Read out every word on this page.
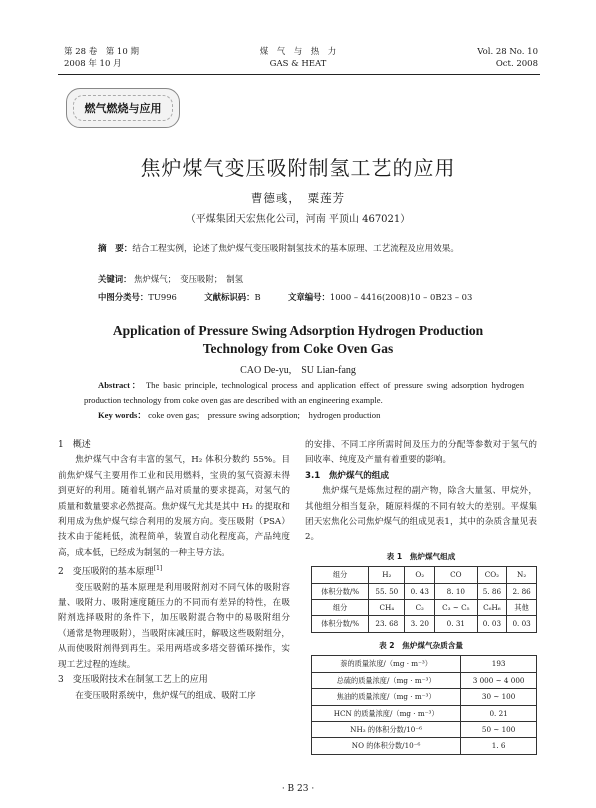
第 28 卷　第 10 期
2008 年 10 月
煤　气　与　热　力
GAS & HEAT
Vol. 28 No. 10
Oct. 2008
燃气燃烧与应用
焦炉煤气变压吸附制氢工艺的应用
曹德彧，　粟莲芳
（平煤集团天宏焦化公司，河南 平顶山 467021）
摘　要：结合工程实例，论述了焦炉煤气变压吸附制氢技术的基本原理、工艺流程及应用效果。
关键词： 焦炉煤气；　变压吸附；　制氢
中图分类号：TU996	文献标识码：B	文章编号：1000 – 4416(2008)10 – 0B23 – 03
Application of Pressure Swing Adsorption Hydrogen Production
Technology from Coke Oven Gas
CAO De-yu,　SU Lian-fang
Abstract： The basic principle, technological process and application effect of pressure swing adsorption hydrogen production technology from coke oven gas are described with an engineering example.
Key words： coke oven gas;　pressure swing adsorption;　hydrogen production
1　概述

焦炉煤气中含有丰富的氢气，H₂ 体积分数约 55%。目前焦炉煤气主要用作工业和民用燃料，宝贵的氢气资源未得到更好的利用。随着轧钢产品对质量的要求提高，对氢气的质量和数量要求必然提高。焦炉煤气尤其是其中 H₂ 的提取和利用成为焦炉煤气综合利用的发展方向。变压吸附（PSA）技术由于能耗低，流程简单，装置自动化程度高，产品纯度高，成本低，已经成为制氢的一种主导方法。

2　变压吸附的基本原理[1]

变压吸附的基本原理是利用吸附剂对不同气体的吸附容量、吸附力、吸附速度随压力的不同而有差异的特性，在吸附剂选择吸附的条件下，加压吸附混合物中的易吸附组分（通常是物理吸附），当吸附床减压时，解吸这些吸附组分，从而使吸附剂得到再生。采用两塔或多塔交替循环操作，实现工艺过程的连续。

3　变压吸附技术在制氢工艺上的应用

在变压吸附系统中，焦炉煤气的组成、吸附工序

的安排、不同工序所需时间及压力的分配等参数对于氢气的回收率、纯度及产量有着重要的影响。

3.1　焦炉煤气的组成

焦炉煤气是炼焦过程的副产物，除含大量氢、甲烷外，其他组分相当复杂，随原料煤的不同有较大的差别。平煤集团天宏焦化公司焦炉煤气的组成见表1，其中的杂质含量见表 2。

表 1　焦炉煤气组成
组分	H₂	O₂	CO	CO₂	N₂
体积分数/%	55. 50	0. 43	8. 10	5. 86	2. 86
组分	CH₄	C₂	C₃ ~ C₅	C₆H₆	其他
体积分数/%	23. 68	3. 20	0. 31	0. 03	0. 03
表 2　焦炉煤气杂质含量
萘的质量浓度/（mg · m⁻³）	193
总硫的质量浓度/（mg · m⁻³）	3 000 ~ 4 000
焦油的质量浓度/（mg · m⁻³）	30 ~ 100
HCN 的质量浓度/（mg · m⁻³）	0. 21
NH₃ 的体积分数/10⁻⁶	50 ~ 100
NO 的体积分数/10⁻⁶	1. 6
· B 23 ·
